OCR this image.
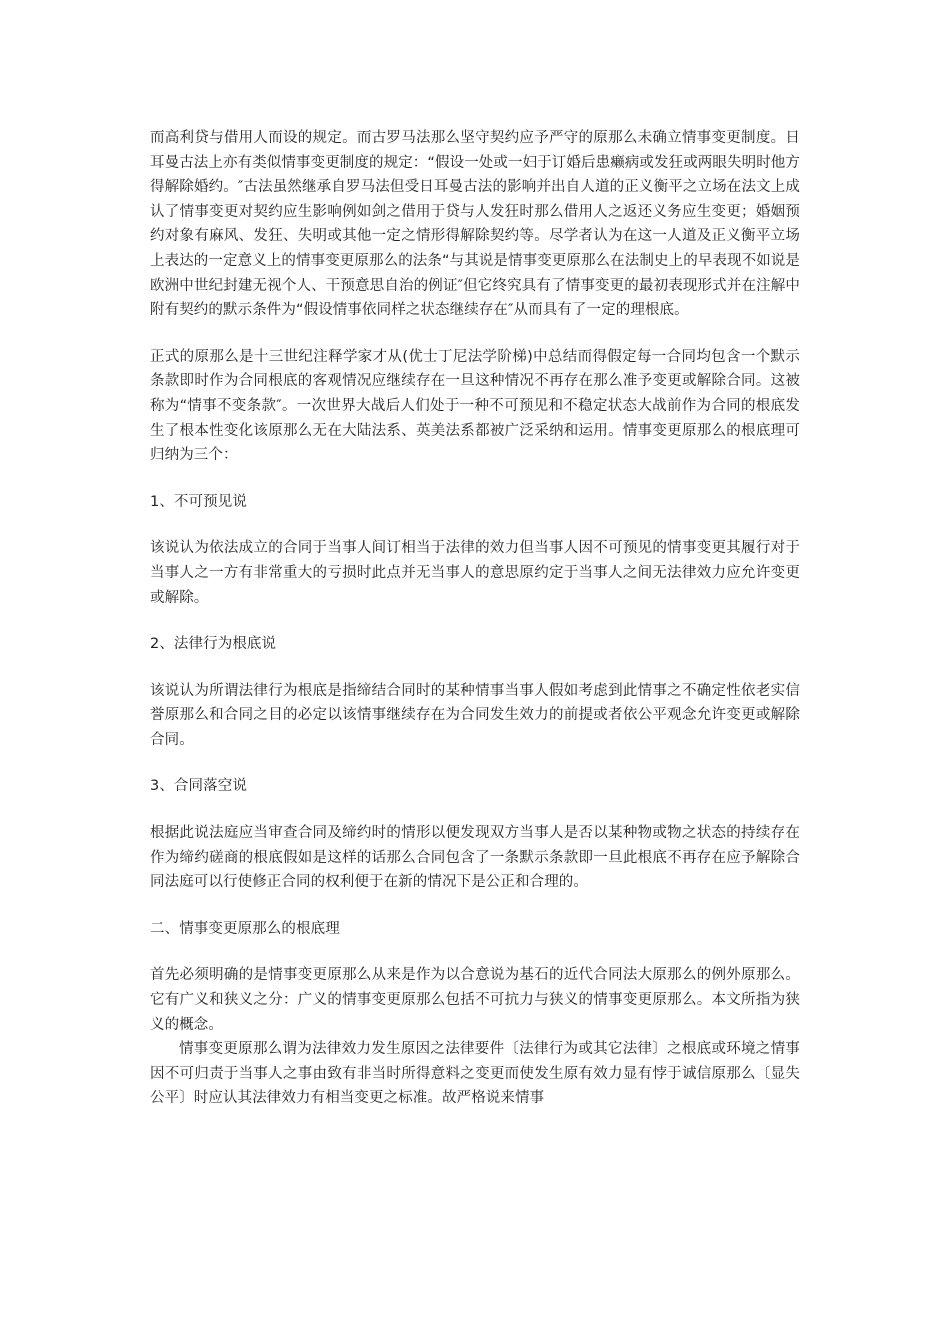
而高利贷与借用人而设的规定。而古罗马法那么坚守契约应予严守的原那么未确立情事变更制度。日耳曼古法上亦有类似情事变更制度的规定：“假设一处或一妇于订婚后患癞病或发狂或两眼失明时他方得解除婚约。″古法虽然继承自罗马法但受日耳曼古法的影响并出自人道的正义衡平之立场在法文上成认了情事变更对契约应生影响例如剑之借用于贷与人发狂时那么借用人之返还义务应生变更；婚姻预约对象有麻风、发狂、失明或其他一定之情形得解除契约等。尽学者认为在这一人道及正义衡平立场上表达的一定意义上的情事变更原那么的法条“与其说是情事变更原那么在法制史上的早表现不如说是欧洲中世纪封建无视个人、干预意思自治的例证″但它终究具有了情事变更的最初表现形式并在注解中附有契约的默示条件为“假设情事依同样之状态继续存在″从而具有了一定的理根底。

正式的原那么是十三世纪注释学家才从(优士丁尼法学阶梯)中总结而得假定每一合同均包含一个默示条款即时作为合同根底的客观情况应继续存在一旦这种情况不再存在那么准予变更或解除合同。这被称为“情事不变条款″。一次世界大战后人们处于一种不可预见和不稳定状态大战前作为合同的根底发生了根本性变化该原那么无在大陆法系、英美法系都被广泛采纳和运用。情事变更原那么的根底理可归纳为三个：

1、不可预见说

该说认为依法成立的合同于当事人间订相当于法律的效力但当事人因不可预见的情事变更其履行对于当事人之一方有非常重大的亏损时此点并无当事人的意思原约定于当事人之间无法律效力应允许变更或解除。

2、法律行为根底说

该说认为所谓法律行为根底是指缔结合同时的某种情事当事人假如考虑到此情事之不确定性依老实信誉原那么和合同之目的必定以该情事继续存在为合同发生效力的前提或者依公平观念允许变更或解除合同。

3、合同落空说

根据此说法庭应当审查合同及缔约时的情形以便发现双方当事人是否以某种物或物之状态的持续存在作为缔约磋商的根底假如是这样的话那么合同包含了一条默示条款即一旦此根底不再存在应予解除合同法庭可以行使修正合同的权利便于在新的情况下是公正和合理的。

二、情事变更原那么的根底理

首先必须明确的是情事变更原那么从来是作为以合意说为基石的近代合同法大原那么的例外原那么。它有广义和狭义之分：广义的情事变更原那么包括不可抗力与狭义的情事变更原那么。本文所指为狭义的概念。

情事变更原那么谓为法律效力发生原因之法律要件〔法律行为或其它法律〕之根底或环境之情事因不可归责于当事人之事由致有非当时所得意料之变更而使发生原有效力显有悖于诚信原那么〔显失公平〕时应认其法律效力有相当变更之标准。故严格说来情事
